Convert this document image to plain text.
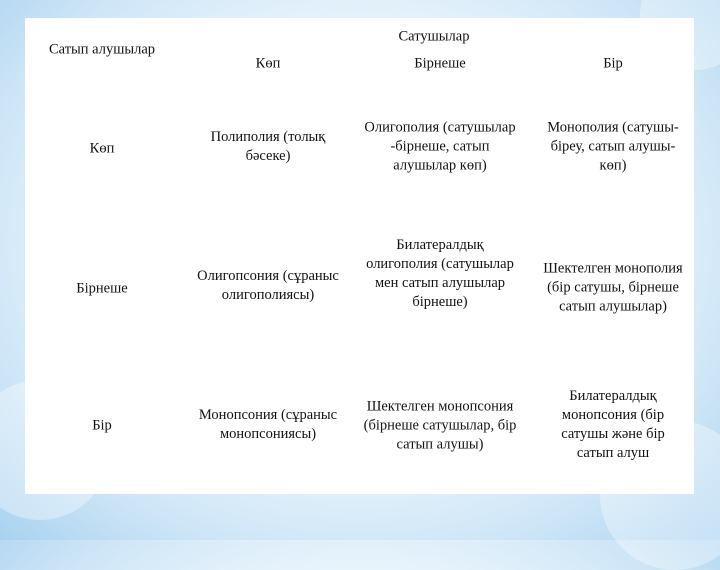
Сатып алушылар
Сатушылар
Көп	Бірнеше	Бір
Көп
Полиполия (толық
бәсеке)
Олигополия (сатушылар
-бірнеше, сатып
алушылар көп)
Монополия (сатушы-
біреу, сатып алушы-
көп)
Бірнеше
Олигопсония (сұраныс
олигополиясы)
Билатералдық
олигополия (сатушылар
мен сатып алушылар
бірнеше)
Шектелген монополия
(бір сатушы, бірнеше
сатып алушылар)
Бір
Монопсония (сұраныс
монопсониясы)
Шектелген монопсония
(бірнеше сатушылар, бір
сатып алушы)
Билатералдық
монопсония (бір
сатушы және бір
сатып алуш
